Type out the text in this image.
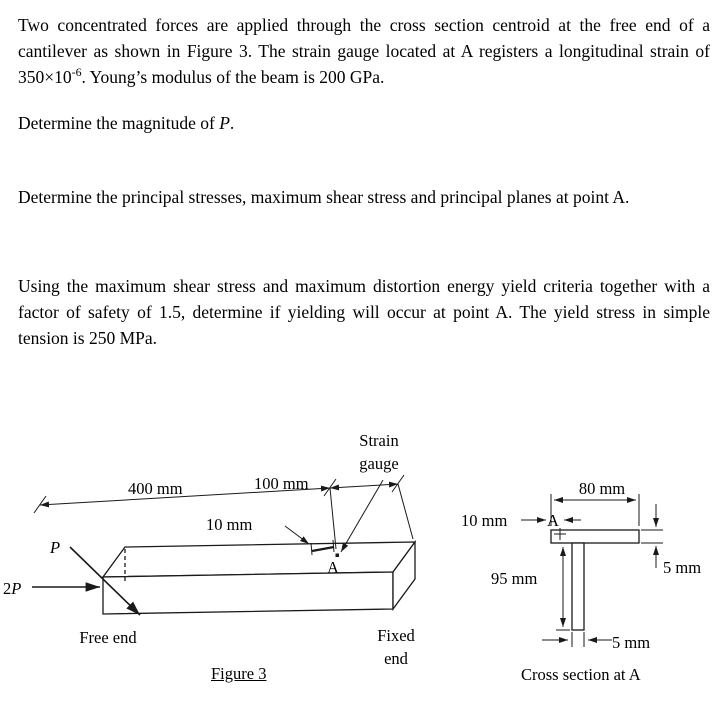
Two concentrated forces are applied through the cross section centroid at the free end of a cantilever as shown in Figure 3. The strain gauge located at A registers a longitudinal strain of $350\times 10^{-6}$. Young’s modulus of the beam is 200 GPa.
Determine the magnitude of P.
Determine the principal stresses, maximum shear stress and principal planes at point A.
Using the maximum shear stress and maximum distortion energy yield criteria together with a factor of safety of 1.5, determine if yielding will occur at point A. The yield stress in simple tension is 250 MPa.
Strain gauge
400 mm	100 mm
10 mm
P
2P
A
Free end	Fixed end
Figure 3
80 mm
10 mm A
95 mm
5 mm
5 mm
Cross section at A
